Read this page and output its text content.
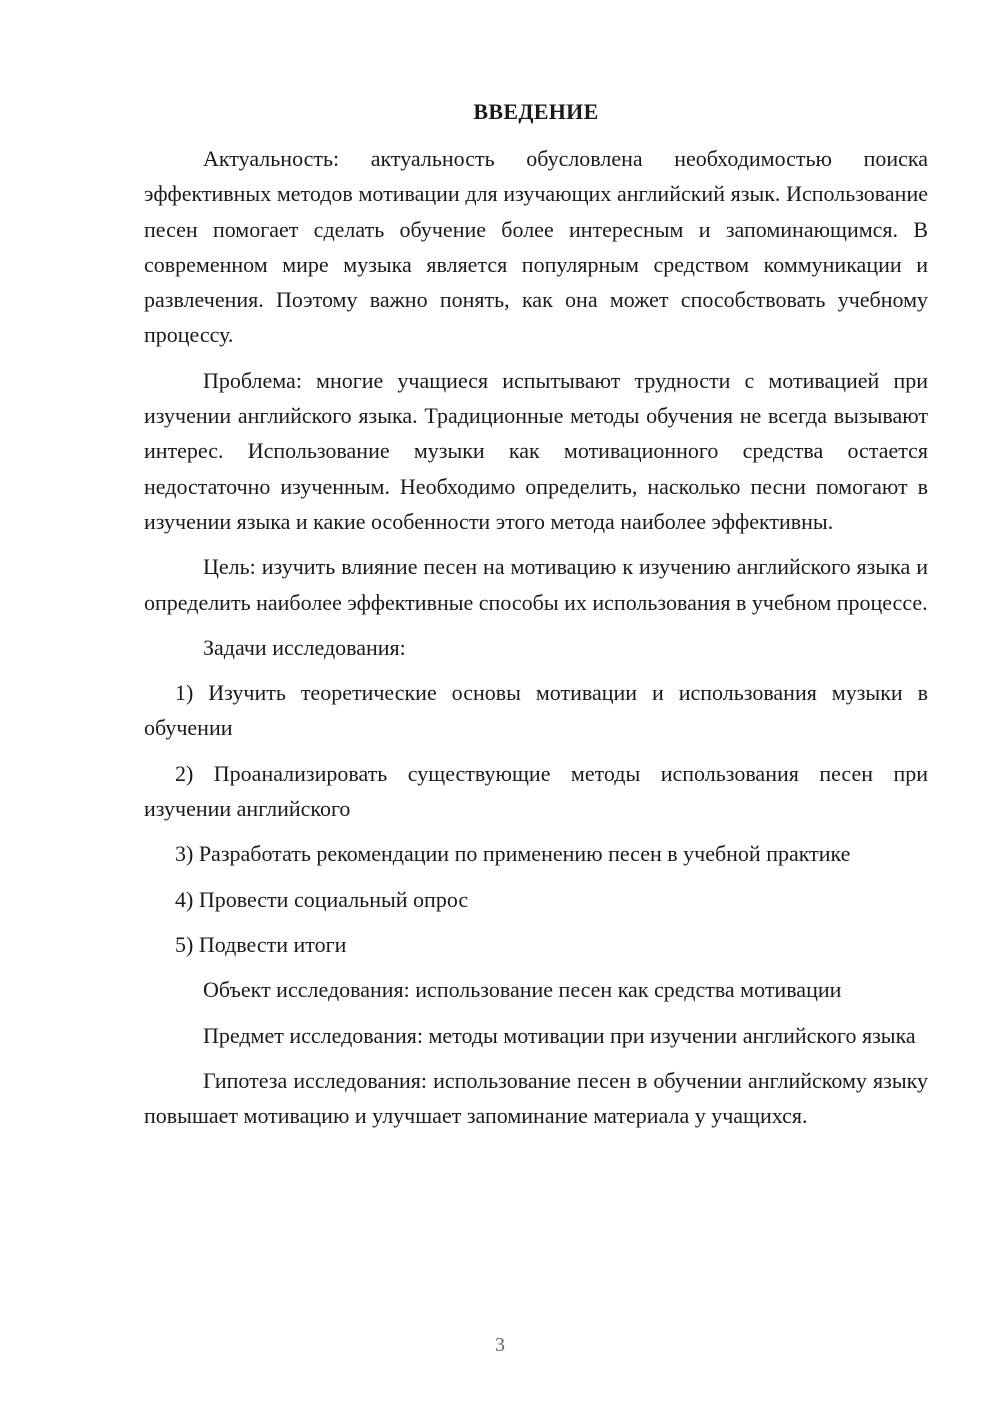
ВВЕДЕНИЕ

Актуальность: актуальность обусловлена необходимостью поиска эффективных методов мотивации для изучающих английский язык. Использование песен помогает сделать обучение более интересным и запоминающимся. В современном мире музыка является популярным средством коммуникации и развлечения. Поэтому важно понять, как она может способствовать учебному процессу.

Проблема: многие учащиеся испытывают трудности с мотивацией при изучении английского языка. Традиционные методы обучения не всегда вызывают интерес. Использование музыки как мотивационного средства остается недостаточно изученным. Необходимо определить, насколько песни помогают в изучении языка и какие особенности этого метода наиболее эффективны.

Цель: изучить влияние песен на мотивацию к изучению английского языка и определить наиболее эффективные способы их использования в учебном процессе.

Задачи исследования:

1) Изучить теоретические основы мотивации и использования музыки в обучении

2) Проанализировать существующие методы использования песен при изучении английского

3) Разработать рекомендации по применению песен в учебной практике

4) Провести социальный опрос

5) Подвести итоги

Объект исследования: использование песен как средства мотивации

Предмет исследования: методы мотивации при изучении английского языка

Гипотеза исследования: использование песен в обучении английскому языку повышает мотивацию и улучшает запоминание материала у учащихся.

3
